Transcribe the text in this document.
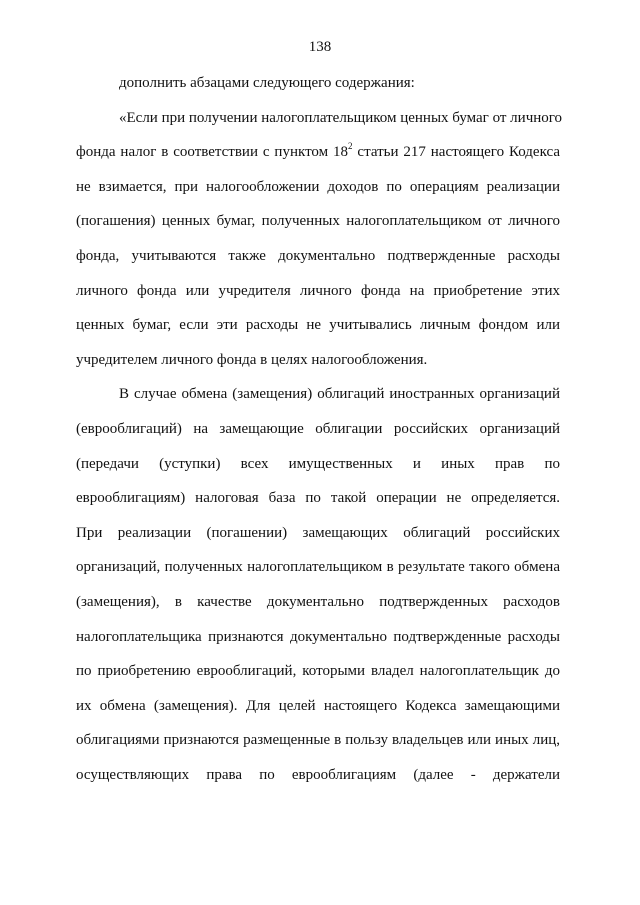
138

дополнить абзацами следующего содержания:

«Если при получении налогоплательщиком ценных бумаг от личного
фонда налог в соответствии с пунктом $18^2$ статьи 217 настоящего Кодекса
не взимается, при налогообложении доходов по операциям реализации
(погашения) ценных бумаг, полученных налогоплательщиком от личного
фонда, учитываются также документально подтвержденные расходы
личного фонда или учредителя личного фонда на приобретение этих
ценных бумаг, если эти расходы не учитывались личным фондом или
учредителем личного фонда в целях налогообложения.

В случае обмена (замещения) облигаций иностранных организаций
(еврооблигаций) на замещающие облигации российских организаций
(передачи (уступки) всех имущественных и иных прав по
еврооблигациям) налоговая база по такой операции не определяется.
При реализации (погашении) замещающих облигаций российских
организаций, полученных налогоплательщиком в результате такого обмена
(замещения), в качестве документально подтвержденных расходов
налогоплательщика признаются документально подтвержденные расходы
по приобретению еврооблигаций, которыми владел налогоплательщик до
их обмена (замещения). Для целей настоящего Кодекса замещающими
облигациями признаются размещенные в пользу владельцев или иных лиц,
осуществляющих права по еврооблигациям (далее - держатели
